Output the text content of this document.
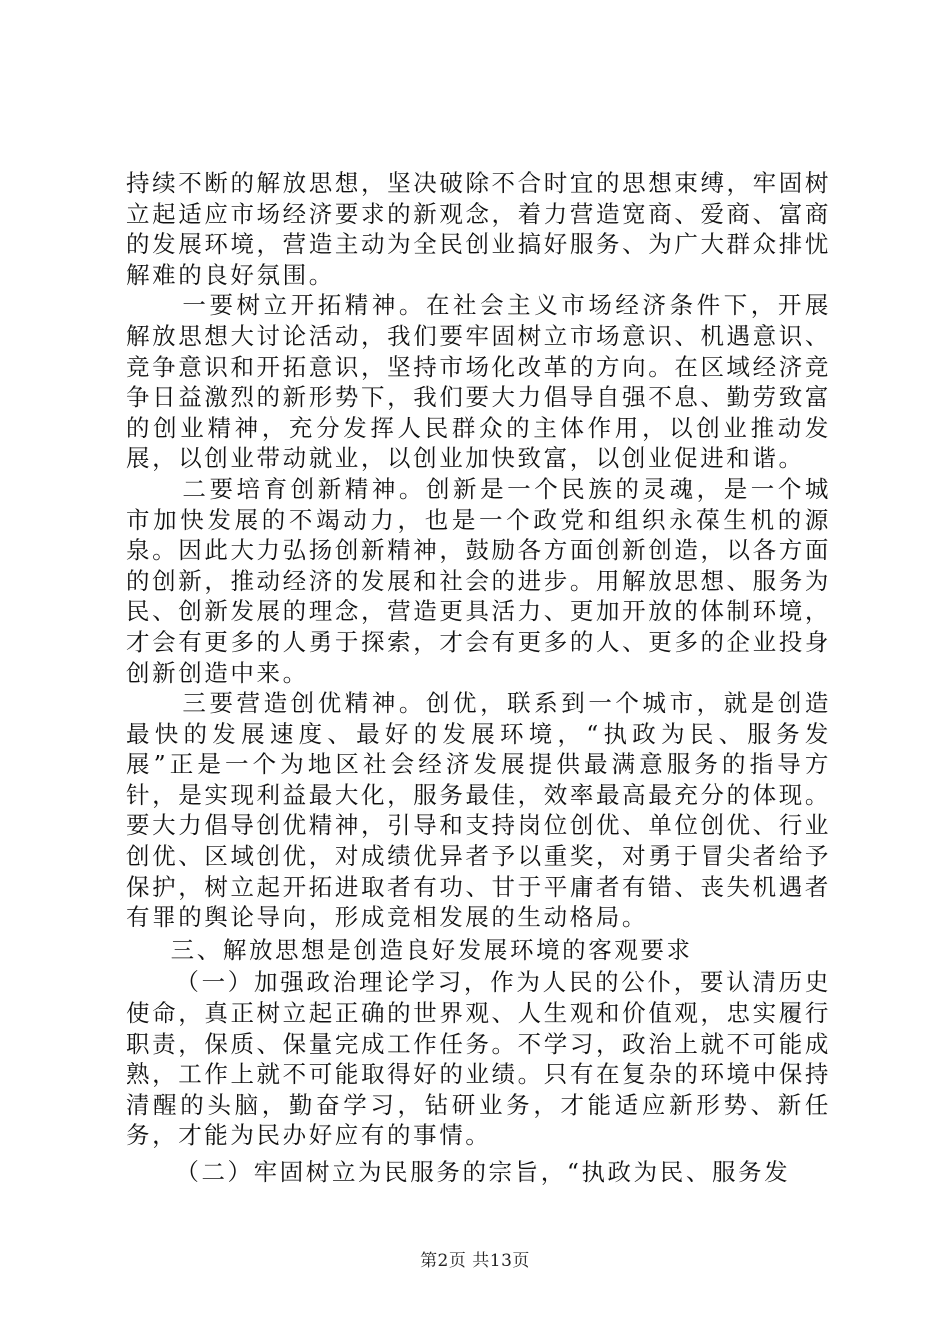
持续不断的解放思想，坚决破除不合时宜的思想束缚，牢固树立起适应市场经济要求的新观念，着力营造宽商、爱商、富商的发展环境，营造主动为全民创业搞好服务、为广大群众排忧解难的良好氛围。

一要树立开拓精神。在社会主义市场经济条件下，开展解放思想大讨论活动，我们要牢固树立市场意识、机遇意识、竞争意识和开拓意识，坚持市场化改革的方向。在区域经济竞争日益激烈的新形势下，我们要大力倡导自强不息、勤劳致富的创业精神，充分发挥人民群众的主体作用，以创业推动发展，以创业带动就业，以创业加快致富，以创业促进和谐。

二要培育创新精神。创新是一个民族的灵魂，是一个城市加快发展的不竭动力，也是一个政党和组织永葆生机的源泉。因此大力弘扬创新精神，鼓励各方面创新创造，以各方面的创新，推动经济的发展和社会的进步。用解放思想、服务为民、创新发展的理念，营造更具活力、更加开放的体制环境，才会有更多的人勇于探索，才会有更多的人、更多的企业投身创新创造中来。

三要营造创优精神。创优，联系到一个城市，就是创造最快的发展速度、最好的发展环境，“执政为民、服务发展”正是一个为地区社会经济发展提供最满意服务的指导方针，是实现利益最大化，服务最佳，效率最高最充分的体现。要大力倡导创优精神，引导和支持岗位创优、单位创优、行业创优、区域创优，对成绩优异者予以重奖，对勇于冒尖者给予保护，树立起开拓进取者有功、甘于平庸者有错、丧失机遇者有罪的舆论导向，形成竞相发展的生动格局。

三、解放思想是创造良好发展环境的客观要求

（一）加强政治理论学习，作为人民的公仆，要认清历史使命，真正树立起正确的世界观、人生观和价值观，忠实履行职责，保质、保量完成工作任务。不学习，政治上就不可能成熟，工作上就不可能取得好的业绩。只有在复杂的环境中保持清醒的头脑，勤奋学习，钻研业务，才能适应新形势、新任务，才能为民办好应有的事情。

（二）牢固树立为民服务的宗旨，“执政为民、服务发

第2页 共13页
